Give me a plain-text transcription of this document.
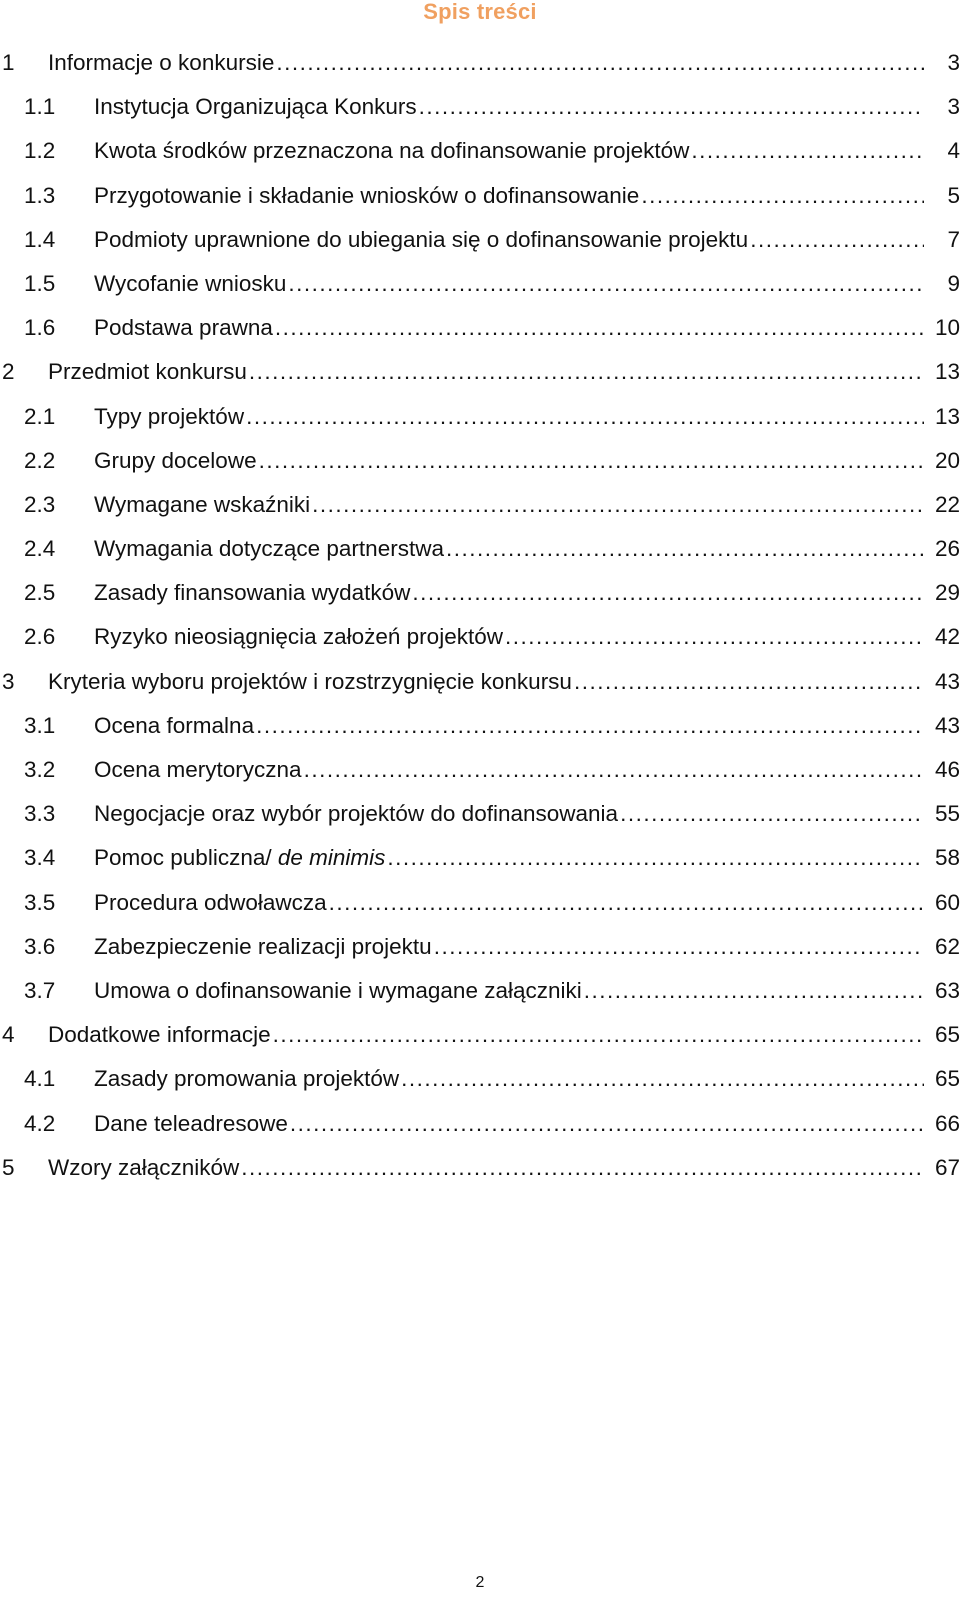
Spis treści
1	Informacje o konkursie .....	3
1.1	Instytucja Organizująca Konkurs .....	3
1.2	Kwota środków przeznaczona na dofinansowanie projektów .....	4
1.3	Przygotowanie i składanie wniosków o dofinansowanie .....	5
1.4	Podmioty uprawnione do ubiegania się o dofinansowanie projektu .....	7
1.5	Wycofanie wniosku .....	9
1.6	Podstawa prawna .....	10
2	Przedmiot konkursu .....	13
2.1	Typy projektów .....	13
2.2	Grupy docelowe .....	20
2.3	Wymagane wskaźniki .....	22
2.4	Wymagania dotyczące partnerstwa .....	26
2.5	Zasady finansowania wydatków .....	29
2.6	Ryzyko nieosiągnięcia założeń projektów .....	42
3	Kryteria wyboru projektów i rozstrzygnięcie konkursu .....	43
3.1	Ocena formalna .....	43
3.2	Ocena merytoryczna .....	46
3.3	Negocjacje oraz wybór projektów do dofinansowania .....	55
3.4	Pomoc publiczna/ de minimis .....	58
3.5	Procedura odwoławcza .....	60
3.6	Zabezpieczenie realizacji projektu .....	62
3.7	Umowa o dofinansowanie i wymagane załączniki .....	63
4	Dodatkowe informacje .....	65
4.1	Zasady promowania projektów .....	65
4.2	Dane teleadresowe .....	66
5	Wzory załączników .....	67
2
